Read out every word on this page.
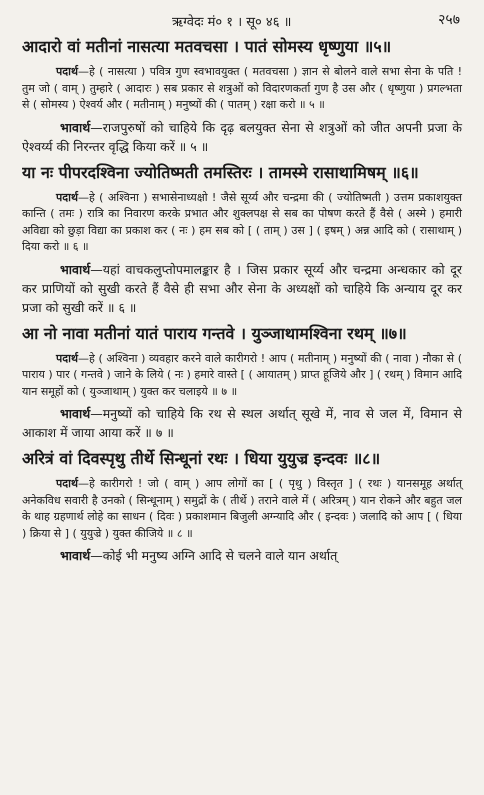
ऋग्वेदः मं० १ । सू० ४६ ॥	२५७
आदारो वां मतीनां नासत्या मतवचसा । पातं सोमस्य धृष्णुया ॥५॥

पदार्थ—हे ( नासत्या ) पवित्र गुण स्वभावयुक्त ( मतवचसा ) ज्ञान से बोलने वाले सभा सेना के पति ! तुम जो ( वाम् ) तुम्हारे ( आदारः ) सब प्रकार से शत्रुओं को विदारणकर्ता गुण है उस और ( धृष्णुया ) प्रगल्भता से ( सोमस्य ) ऐश्वर्य और ( मतीनाम् ) मनुष्यों की ( पातम् ) रक्षा करो ॥ ५ ॥

भावार्थ—राजपुरुषों को चाहिये कि दृढ़ बलयुक्त सेना से शत्रुओं को जीत अपनी प्रजा के ऐश्वर्य्य की निरन्तर वृद्धि किया करें ॥ ५ ॥

या नः पीपरदश्विना ज्योतिष्मती तमस्तिरः । तामस्मे रासाथामिषम् ॥६॥

पदार्थ—हे ( अश्विना ) सभासेनाध्यक्षो ! जैसे सूर्य्य और चन्द्रमा की ( ज्योतिष्मती ) उत्तम प्रकाशयुक्त कान्ति ( तमः ) रात्रि का निवारण करके प्रभात और शुक्लपक्ष से सब का पोषण करते हैं वैसे ( अस्मे ) हमारी अविद्या को छुड़ा विद्या का प्रकाश कर ( नः ) हम सब को [ ( ताम् ) उस ] ( इषम् ) अन्न आदि को ( रासाथाम् ) दिया करो ॥ ६ ॥

भावार्थ—यहां वाचकलुप्तोपमालङ्कार है । जिस प्रकार सूर्य्य और चन्द्रमा अन्धकार को दूर कर प्राणियों को सुखी करते हैं वैसे ही सभा और सेना के अध्यक्षों को चाहिये कि अन्याय दूर कर प्रजा को सुखी करें ॥ ६ ॥

आ नो नावा मतीनां यातं पाराय गन्तवे । युञ्जाथामश्विना रथम् ॥७॥

पदार्थ—हे ( अश्विना ) व्यवहार करने वाले कारीगरो ! आप ( मतीनाम् ) मनुष्यों की ( नावा ) नौका से ( पाराय ) पार ( गन्तवे ) जाने के लिये ( नः ) हमारे वास्ते [ ( आयातम् ) प्राप्त हूजिये और ] ( रथम् ) विमान आदि यान समूहों को ( युञ्जाथाम् ) युक्त कर चलाइये ॥ ७ ॥

भावार्थ—मनुष्यों को चाहिये कि रथ से स्थल अर्थात् सूखे में, नाव से जल में, विमान से आकाश में जाया आया करें ॥ ७ ॥

अरित्रं वां दिवस्पृथु तीर्थे सिन्धूनां रथः । धिया युयुज्र इन्दवः ॥८॥

पदार्थ—हे कारीगरो ! जो ( वाम् ) आप लोगों का [ ( पृथु ) विस्तृत ] ( रथः ) यानसमूह अर्थात् अनेकविध सवारी है उनको ( सिन्धूनाम् ) समुद्रों के ( तीर्थे ) तराने वाले में ( अरित्रम् ) यान रोकने और बहुत जल के थाह ग्रहणार्थ लोहे का साधन ( दिवः ) प्रकाशमान बिजुली अग्न्यादि और ( इन्दवः ) जलादि को आप [ ( धिया ) क्रिया से ] ( युयुज्रे ) युक्त कीजिये ॥ ८ ॥

भावार्थ—कोई भी मनुष्य अग्नि आदि से चलने वाले यान अर्थात्
